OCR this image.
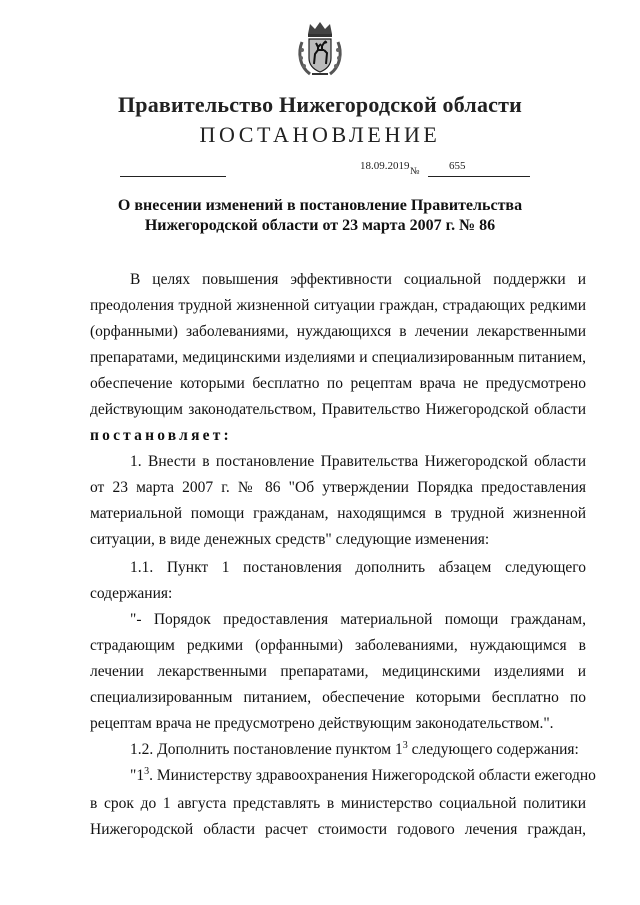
Правительство Нижегородской области
ПОСТАНОВЛЕНИЕ
18.09.2019 №	655
О внесении изменений в постановление Правительства
Нижегородской области от 23 марта 2007 г. № 86
В целях повышения эффективности социальной поддержки и
преодоления трудной жизненной ситуации граждан, страдающих редкими
(орфанными) заболеваниями, нуждающихся в лечении лекарственными
препаратами, медицинскими изделиями и специализированным питанием,
обеспечение которыми бесплатно по рецептам врача не предусмотрено
действующим законодательством, Правительство Нижегородской области
постановляет:
1. Внести в постановление Правительства Нижегородской области
от 23 марта 2007 г. № 86 "Об утверждении Порядка предоставления
материальной помощи гражданам, находящимся в трудной жизненной
ситуации, в виде денежных средств" следующие изменения:
1.1. Пункт 1 постановления дополнить абзацем следующего
содержания:
"- Порядок предоставления материальной помощи гражданам,
страдающим редкими (орфанными) заболеваниями, нуждающимся в
лечении лекарственными препаратами, медицинскими изделиями и
специализированным питанием, обеспечение которыми бесплатно по
рецептам врача не предусмотрено действующим законодательством.".
1.2. Дополнить постановление пунктом $1^3$ следующего содержания:
"$1^3$. Министерству здравоохранения Нижегородской области ежегодно
в срок до 1 августа представлять в министерство социальной политики
Нижегородской области расчет стоимости годового лечения граждан,
